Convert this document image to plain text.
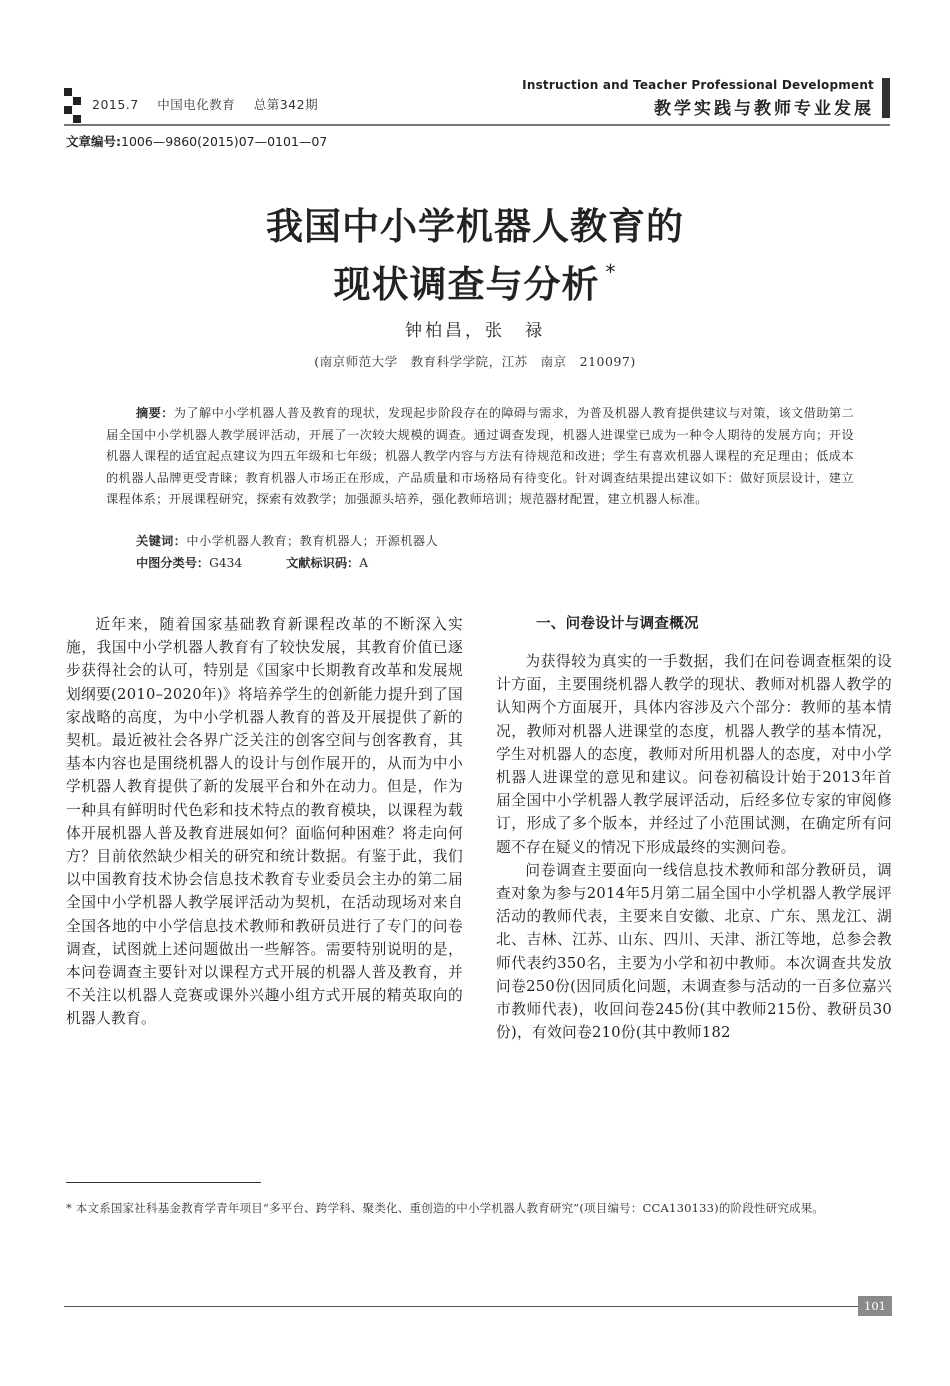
2015.7 中国电化教育 总第342期
Instruction and Teacher Professional Development
教学实践与教师专业发展
文章编号:1006—9860(2015)07—0101—07
我国中小学机器人教育的
现状调查与分析 *
钟柏昌，张　禄
(南京师范大学　教育科学学院，江苏　南京　210097)
摘要：为了解中小学机器人普及教育的现状，发现起步阶段存在的障碍与需求，为普及机器人教育提供建议与对策，该文借助第二届全国中小学机器人教学展评活动，开展了一次较大规模的调查。通过调查发现，机器人进课堂已成为一种令人期待的发展方向；开设机器人课程的适宜起点建议为四五年级和七年级；机器人教学内容与方法有待规范和改进；学生有喜欢机器人课程的充足理由；低成本的机器人品牌更受青睐；教育机器人市场正在形成，产品质量和市场格局有待变化。针对调查结果提出建议如下：做好顶层设计，建立课程体系；开展课程研究，探索有效教学；加强源头培养，强化教师培训；规范器材配置，建立机器人标准。
关键词：中小学机器人教育；教育机器人；开源机器人
中图分类号：G434	文献标识码：A

近年来，随着国家基础教育新课程改革的不断深入实施，我国中小学机器人教育有了较快发展，其教育价值已逐步获得社会的认可，特别是《国家中长期教育改革和发展规划纲要(2010–2020年)》将培养学生的创新能力提升到了国家战略的高度，为中小学机器人教育的普及开展提供了新的契机。最近被社会各界广泛关注的创客空间与创客教育，其基本内容也是围绕机器人的设计与创作展开的，从而为中小学机器人教育提供了新的发展平台和外在动力。但是，作为一种具有鲜明时代色彩和技术特点的教育模块，以课程为载体开展机器人普及教育进展如何？面临何种困难？将走向何方？目前依然缺少相关的研究和统计数据。有鉴于此，我们以中国教育技术协会信息技术教育专业委员会主办的第二届全国中小学机器人教学展评活动为契机，在活动现场对来自全国各地的中小学信息技术教师和教研员进行了专门的问卷调查，试图就上述问题做出一些解答。需要特别说明的是，本问卷调查主要针对以课程方式开展的机器人普及教育，并不关注以机器人竞赛或课外兴趣小组方式开展的精英取向的机器人教育。

一、问卷设计与调查概况

为获得较为真实的一手数据，我们在问卷调查框架的设计方面，主要围绕机器人教学的现状、教师对机器人教学的认知两个方面展开，具体内容涉及六个部分：教师的基本情况，教师对机器人进课堂的态度，机器人教学的基本情况，学生对机器人的态度，教师对所用机器人的态度，对中小学机器人进课堂的意见和建议。问卷初稿设计始于2013年首届全国中小学机器人教学展评活动，后经多位专家的审阅修订，形成了多个版本，并经过了小范围试测，在确定所有问题不存在疑义的情况下形成最终的实测问卷。

问卷调查主要面向一线信息技术教师和部分教研员，调查对象为参与2014年5月第二届全国中小学机器人教学展评活动的教师代表，主要来自安徽、北京、广东、黑龙江、湖北、吉林、江苏、山东、四川、天津、浙江等地，总参会教师代表约350名，主要为小学和初中教师。本次调查共发放问卷250份(因同质化问题，未调查参与活动的一百多位嘉兴市教师代表)，收回问卷245份(其中教师215份、教研员30份)，有效问卷210份(其中教师182

* 本文系国家社科基金教育学青年项目“多平台、跨学科、聚类化、重创造的中小学机器人教育研究”(项目编号：CCA130133)的阶段性研究成果。
101
